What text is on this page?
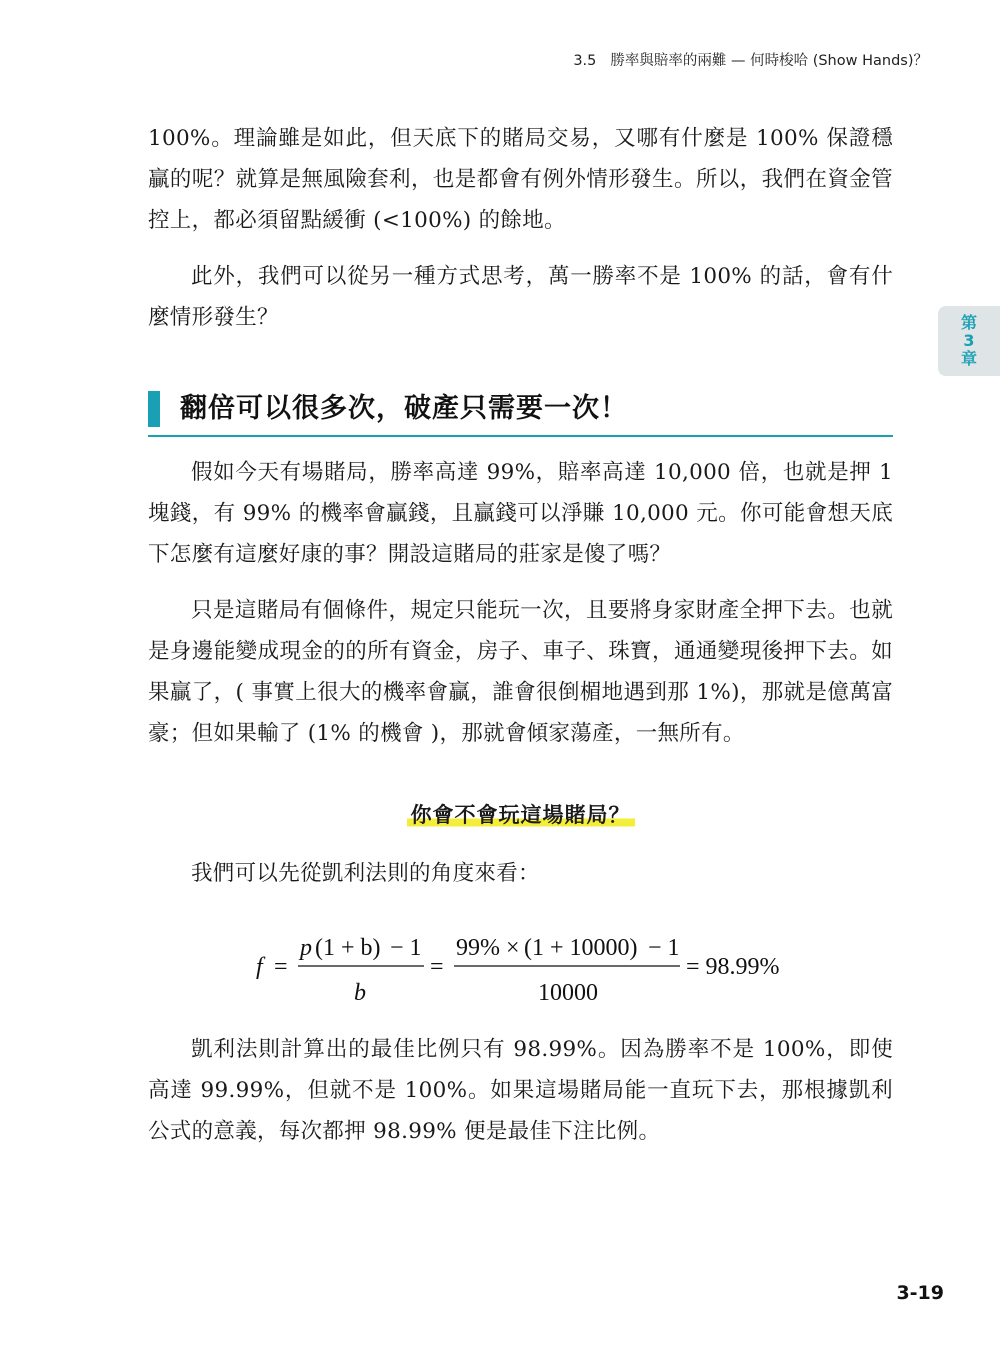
3.5 勝率與賠率的兩難 — 何時梭哈 (Show Hands)？
第
3
章

100%。理論雖是如此，但天底下的賭局交易，又哪有什麼是 100% 保證穩贏的呢？就算是無風險套利，也是都會有例外情形發生。所以，我們在資金管控上，都必須留點緩衝 (<100%) 的餘地。

此外，我們可以從另一種方式思考，萬一勝率不是 100% 的話，會有什麼情形發生？

翻倍可以很多次，破產只需要一次！

假如今天有場賭局，勝率高達 99%，賠率高達 10,000 倍，也就是押 1 塊錢，有 99% 的機率會贏錢，且贏錢可以淨賺 10,000 元。你可能會想天底下怎麼有這麼好康的事？開設這賭局的莊家是傻了嗎？

只是這賭局有個條件，規定只能玩一次，且要將身家財產全押下去。也就是身邊能變成現金的的所有資金，房子、車子、珠寶，通通變現後押下去。如果贏了，( 事實上很大的機率會贏，誰會很倒楣地遇到那 1%)，那就是億萬富豪；但如果輸了 (1% 的機會 )，那就會傾家蕩產，一無所有。

你會不會玩這場賭局？

我們可以先從凱利法則的角度來看：

f =
p (1 + b) − 1
b
=
99% × (1 + 10000) − 1
10000
= 98.99%

凱利法則計算出的最佳比例只有 98.99%。因為勝率不是 100%，即使高達 99.99%，但就不是 100%。如果這場賭局能一直玩下去，那根據凱利公式的意義，每次都押 98.99% 便是最佳下注比例。

3-19
